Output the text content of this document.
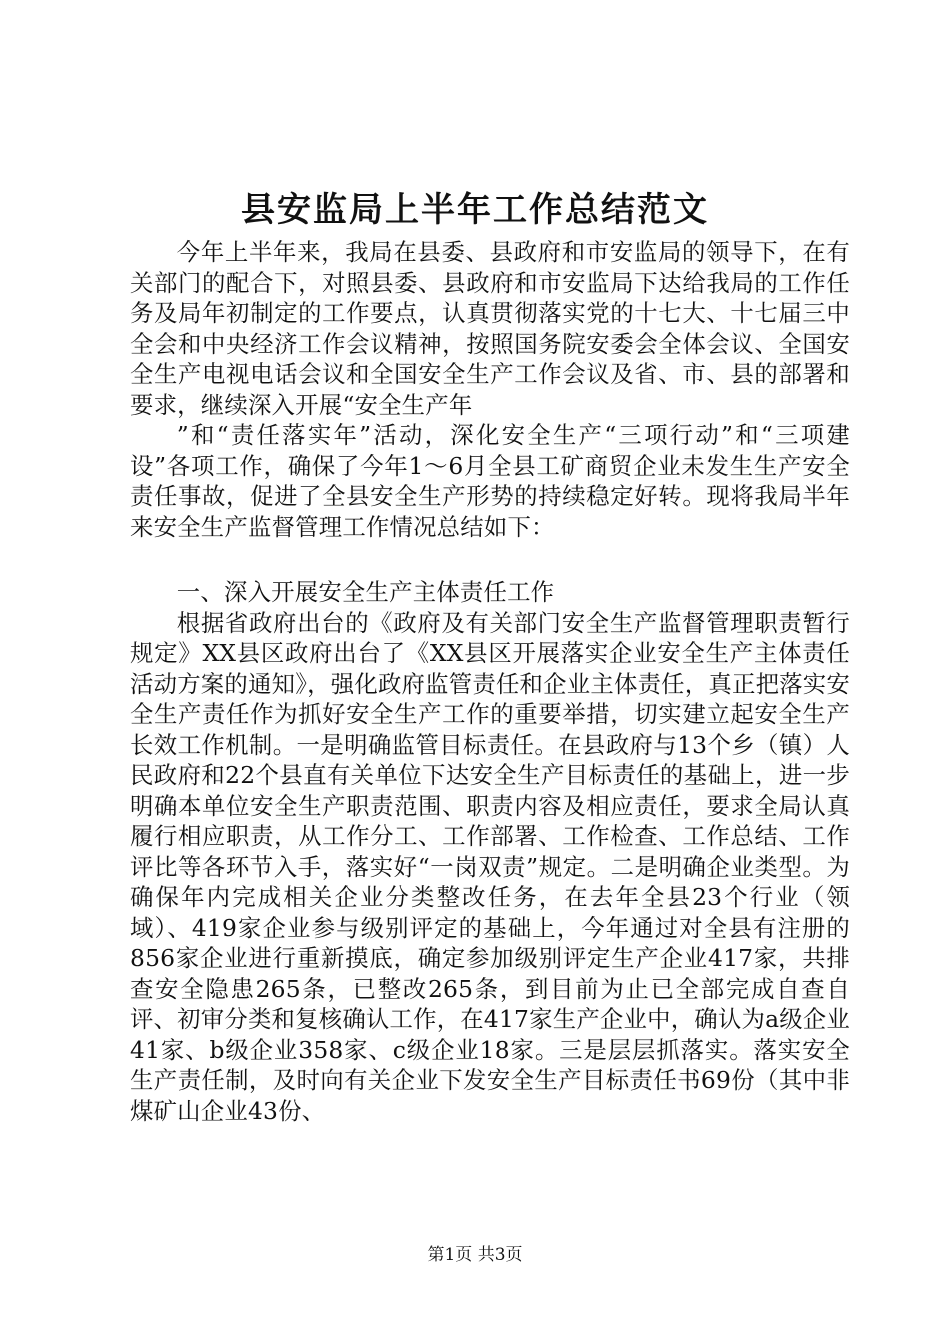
县安监局上半年工作总结范文

今年上半年来，我局在县委、县政府和市安监局的领导下，在有关部门的配合下，对照县委、县政府和市安监局下达给我局的工作任务及局年初制定的工作要点，认真贯彻落实党的十七大、十七届三中全会和中央经济工作会议精神，按照国务院安委会全体会议、全国安全生产电视电话会议和全国安全生产工作会议及省、市、县的部署和要求，继续深入开展“安全生产年

”和“责任落实年”活动，深化安全生产“三项行动”和“三项建设”各项工作，确保了今年1～6月全县工矿商贸企业未发生生产安全责任事故，促进了全县安全生产形势的持续稳定好转。现将我局半年来安全生产监督管理工作情况总结如下：

一、深入开展安全生产主体责任工作

根据省政府出台的《政府及有关部门安全生产监督管理职责暂行规定》XX县区政府出台了《XX县区开展落实企业安全生产主体责任活动方案的通知》，强化政府监管责任和企业主体责任，真正把落实安全生产责任作为抓好安全生产工作的重要举措，切实建立起安全生产长效工作机制。一是明确监管目标责任。在县政府与13个乡（镇）人民政府和22个县直有关单位下达安全生产目标责任的基础上，进一步明确本单位安全生产职责范围、职责内容及相应责任，要求全局认真履行相应职责，从工作分工、工作部署、工作检查、工作总结、工作评比等各环节入手，落实好“一岗双责”规定。二是明确企业类型。为确保年内完成相关企业分类整改任务，在去年全县23个行业（领域）、419家企业参与级别评定的基础上，今年通过对全县有注册的856家企业进行重新摸底，确定参加级别评定生产企业417家，共排查安全隐患265条，已整改265条，到目前为止已全部完成自查自评、初审分类和复核确认工作，在417家生产企业中，确认为a级企业41家、b级企业358家、c级企业18家。三是层层抓落实。落实安全生产责任制，及时向有关企业下发安全生产目标责任书69份（其中非煤矿山企业43份、

第1页 共3页
